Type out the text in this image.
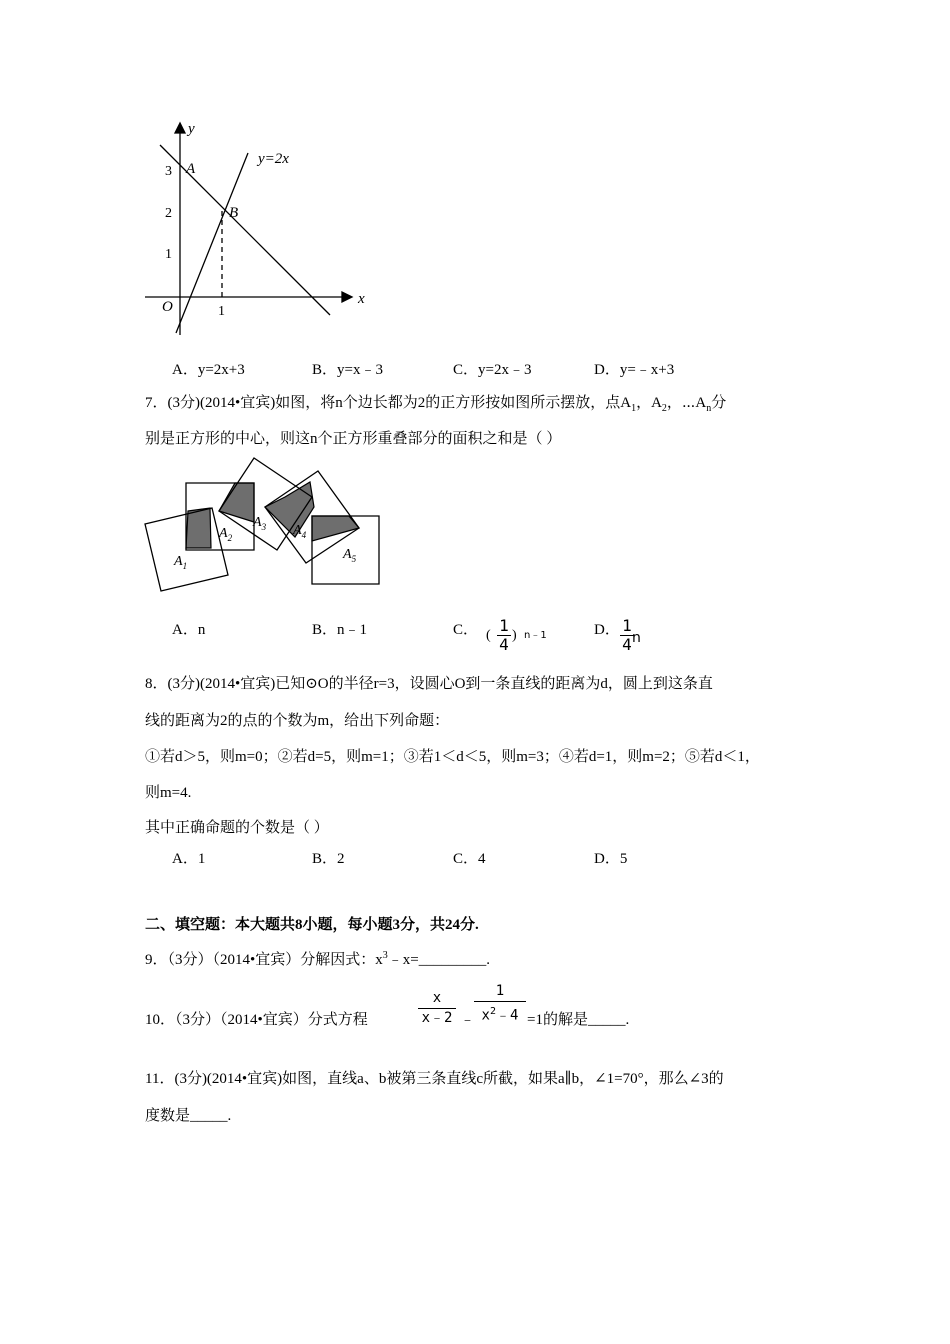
y
x
O
A
B
y=2x
3
2
1
1
A．y=2x+3	B．y=x﹣3	C．y=2x﹣3	D．y=﹣x+3
7．(3分)(2014•宜宾)如图，将n个边长都为2的正方形按如图所示摆放，点$A_1$，$A_2$，$\cdots A_n$分
别是正方形的中心，则这n个正方形重叠部分的面积之和是（ ）
$A_1$
$A_2$
$A_3$ $A_4$
$A_5$
A．n	B．n﹣1	C． ( $\frac{1}{4}$ ) n﹣1	D． $\frac{1}{4}$
n
8．(3分)(2014•宜宾)已知⊙O的半径r=3，设圆心O到一条直线的距离为d，圆上到这条直
线的距离为2的点的个数为m，给出下列命题：
①若d＞5，则m=0；②若d=5，则m=1；③若1＜d＜5，则m=3；④若d=1，则m=2；⑤若d＜1，
则m=4.
其中正确命题的个数是（ ）
A．1	B．2	C．4	D．5
二、填空题：本大题共8小题，每小题3分，共24分.
9．（3分）（2014•宜宾）分解因式：$x^3﹣x=\_\_\_\_\_\_\_\_\_$.
10．（3分）（2014•宜宾）分式方程	$\frac{x}{x﹣2}$ ﹣
$\frac{1}{x^2﹣4} =1$的解是_____.
11．(3分)(2014•宜宾)如图，直线a、b被第三条直线c所截，如果a∥b，∠1=70°，那么∠3的
度数是_____.
